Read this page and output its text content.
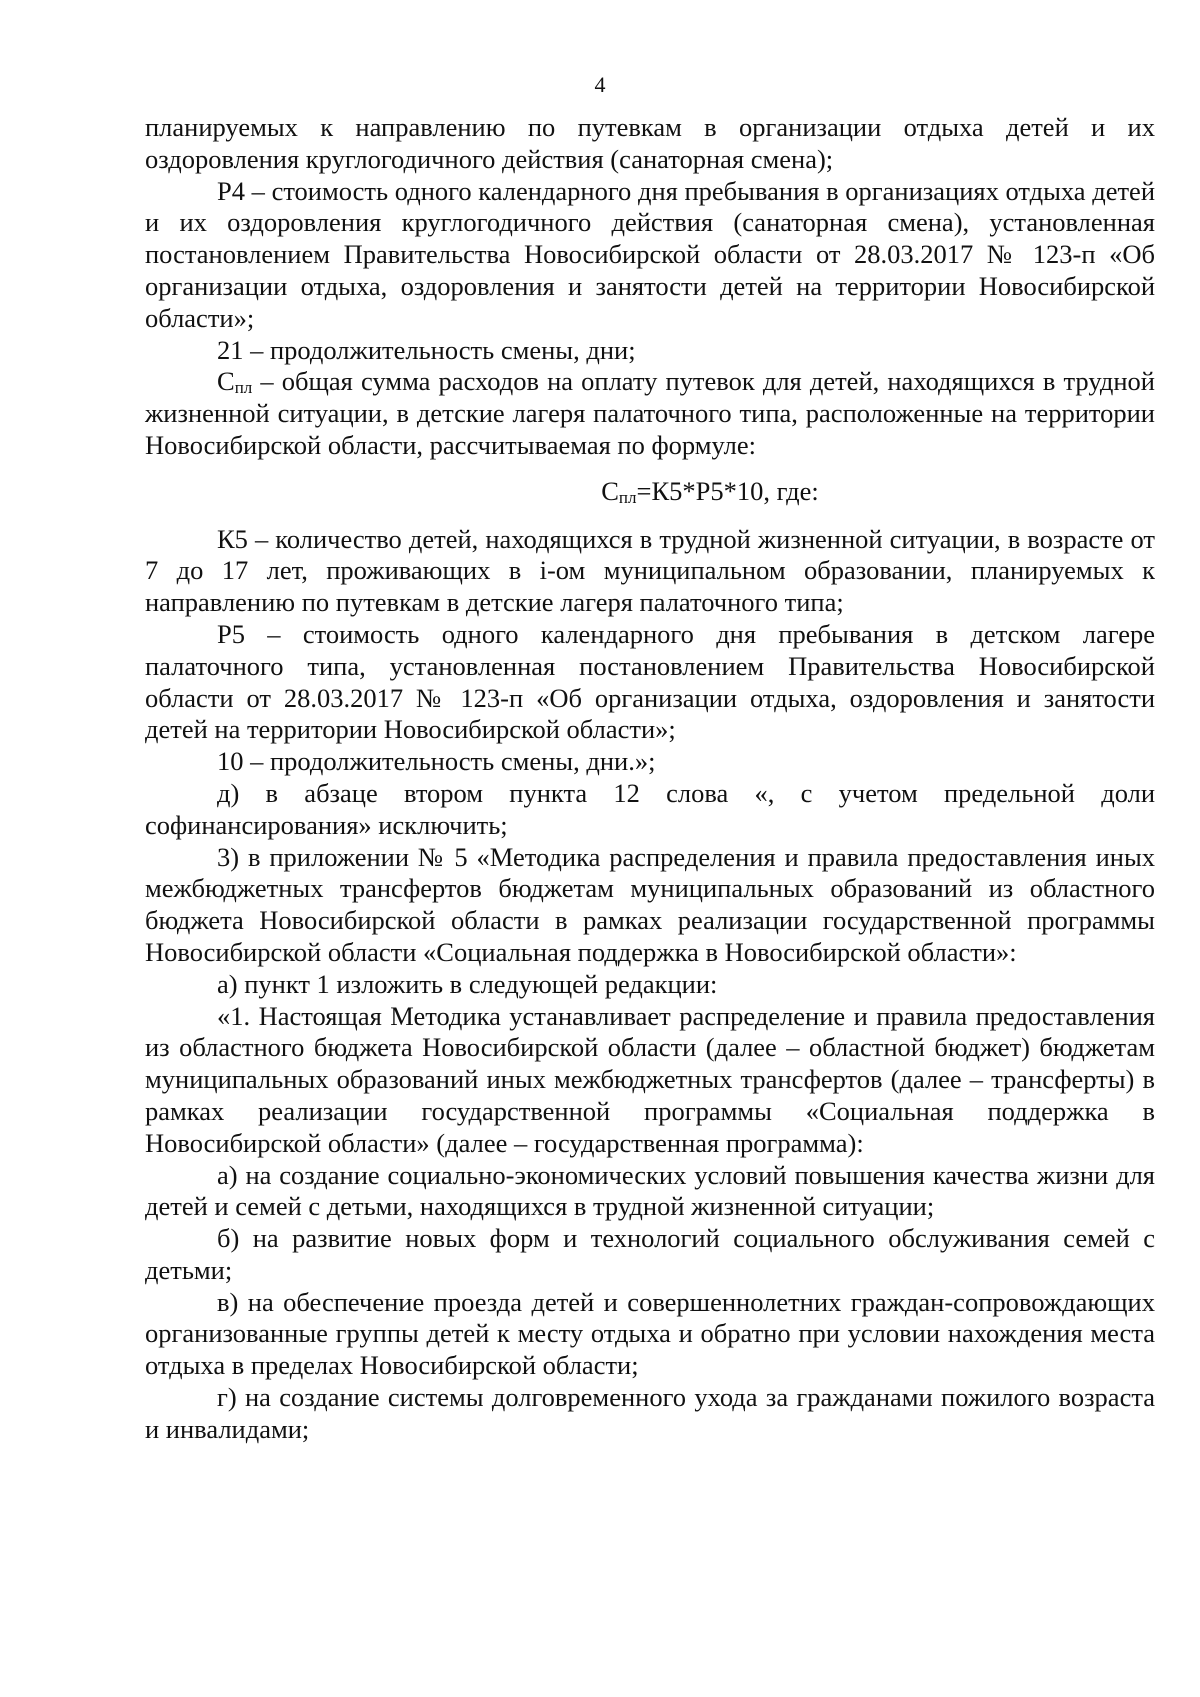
4

планируемых к направлению по путевкам в организации отдыха детей и их оздоровления круглогодичного действия (санаторная смена);

Р4 – стоимость одного календарного дня пребывания в организациях отдыха детей и их оздоровления круглогодичного действия (санаторная смена), установленная постановлением Правительства Новосибирской области от 28.03.2017 № 123-п «Об организации отдыха, оздоровления и занятости детей на территории Новосибирской области»;

21 – продолжительность смены, дни;

$С_{пл}$ – общая сумма расходов на оплату путевок для детей, находящихся в трудной жизненной ситуации, в детские лагеря палаточного типа, расположенные на территории Новосибирской области, рассчитываемая по формуле:

$С_{пл}=К5*Р5*10$, где:

К5 – количество детей, находящихся в трудной жизненной ситуации, в возрасте от 7 до 17 лет, проживающих в i-ом муниципальном образовании, планируемых к направлению по путевкам в детские лагеря палаточного типа;

Р5 – стоимость одного календарного дня пребывания в детском лагере палаточного типа, установленная постановлением Правительства Новосибирской области от 28.03.2017 № 123-п «Об организации отдыха, оздоровления и занятости детей на территории Новосибирской области»;

10 – продолжительность смены, дни.»;

д) в абзаце втором пункта 12 слова «, с учетом предельной доли софинансирования» исключить;

3) в приложении № 5 «Методика распределения и правила предоставления иных межбюджетных трансфертов бюджетам муниципальных образований из областного бюджета Новосибирской области в рамках реализации государственной программы Новосибирской области «Социальная поддержка в Новосибирской области»:

а) пункт 1 изложить в следующей редакции:

«1. Настоящая Методика устанавливает распределение и правила предоставления из областного бюджета Новосибирской области (далее – областной бюджет) бюджетам муниципальных образований иных межбюджетных трансфертов (далее – трансферты) в рамках реализации государственной программы «Социальная поддержка в Новосибирской области» (далее – государственная программа):

а) на создание социально-экономических условий повышения качества жизни для детей и семей с детьми, находящихся в трудной жизненной ситуации;

б) на развитие новых форм и технологий социального обслуживания семей с детьми;

в) на обеспечение проезда детей и совершеннолетних граждан-сопровождающих организованные группы детей к месту отдыха и обратно при условии нахождения места отдыха в пределах Новосибирской области;

г) на создание системы долговременного ухода за гражданами пожилого возраста и инвалидами;
